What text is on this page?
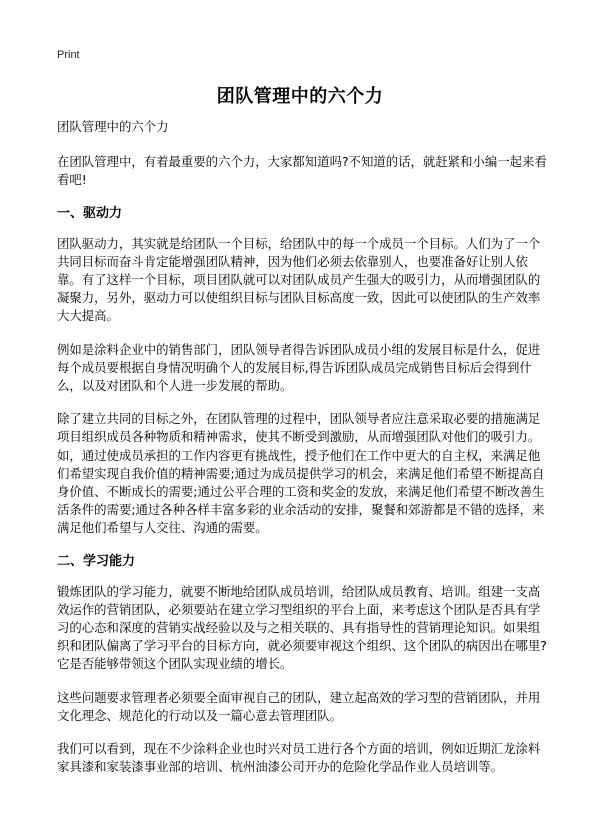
Print
团队管理中的六个力

团队管理中的六个力

在团队管理中，有着最重要的六个力，大家都知道吗?不知道的话，就赶紧和小编一起来看看吧!

一、驱动力

团队驱动力，其实就是给团队一个目标，给团队中的每一个成员一个目标。人们为了一个共同目标而奋斗肯定能增强团队精神，因为他们必须去依靠别人，也要准备好让别人依靠。有了这样一个目标，项目团队就可以对团队成员产生强大的吸引力，从而增强团队的凝聚力，另外，驱动力可以使组织目标与团队目标高度一致，因此可以使团队的生产效率大大提高。

例如是涂料企业中的销售部门，团队领导者得告诉团队成员小组的发展目标是什么，促进每个成员要根据自身情况明确个人的发展目标,得告诉团队成员完成销售目标后会得到什么，以及对团队和个人进一步发展的帮助。

除了建立共同的目标之外，在团队管理的过程中，团队领导者应注意采取必要的措施满足项目组织成员各种物质和精神需求，使其不断受到激励，从而增强团队对他们的吸引力。如，通过使成员承担的工作内容更有挑战性，授予他们在工作中更大的自主权，来满足他们希望实现自我价值的精神需要;通过为成员提供学习的机会，来满足他们希望不断提高自身价值、不断成长的需要;通过公平合理的工资和奖金的发放，来满足他们希望不断改善生活条件的需要;通过各种各样丰富多彩的业余活动的安排，聚餐和郊游都是不错的选择，来满足他们希望与人交往、沟通的需要。

二、学习能力

锻炼团队的学习能力，就要不断地给团队成员培训，给团队成员教育、培训。组建一支高效运作的营销团队，必须要站在建立学习型组织的平台上面，来考虑这个团队是否具有学习的心态和深度的营销实战经验以及与之相关联的、具有指导性的营销理论知识。如果组织和团队偏离了学习平台的目标方向，就必须要审视这个组织、这个团队的病因出在哪里?它是否能够带领这个团队实现业绩的增长。

这些问题要求管理者必须要全面审视自己的团队，建立起高效的学习型的营销团队，并用文化理念、规范化的行动以及一篇心意去管理团队。

我们可以看到，现在不少涂料企业也时兴对员工进行各个方面的培训，例如近期汇龙涂料家具漆和家装漆事业部的培训、杭州油漆公司开办的危险化学品作业人员培训等。
